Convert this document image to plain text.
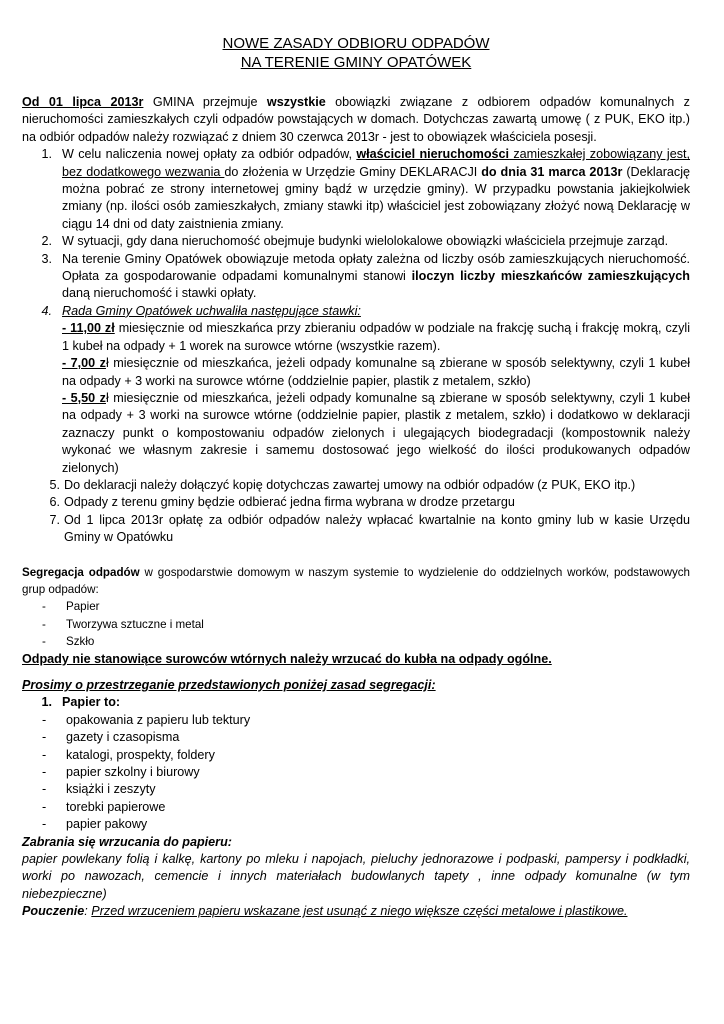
NOWE ZASADY ODBIORU ODPADÓW
NA TERENIE GMINY OPATÓWEK

Od 01 lipca 2013r GMINA przejmuje wszystkie obowiązki związane z odbiorem odpadów komunalnych z nieruchomości zamieszkałych czyli odpadów powstających w domach. Dotychczas zawartą umowę ( z PUK, EKO itp.) na odbiór odpadów należy rozwiązać z dniem 30 czerwca 2013r - jest to obowiązek właściciela posesji.

1. W celu naliczenia nowej opłaty za odbiór odpadów, właściciel nieruchomości zamieszkałej zobowiązany jest, bez dodatkowego wezwania do złożenia w Urzędzie Gminy DEKLARACJI do dnia 31 marca 2013r (Deklarację można pobrać ze strony internetowej gminy bądź w urzędzie gminy). W przypadku powstania jakiejkolwiek zmiany (np. ilości osób zamieszkałych, zmiany stawki itp) właściciel jest zobowiązany złożyć nową Deklarację w ciągu 14 dni od daty zaistnienia zmiany.
2. W sytuacji, gdy dana nieruchomość obejmuje budynki wielolokalowe obowiązki właściciela przejmuje zarząd.
3. Na terenie Gminy Opatówek obowiązuje metoda opłaty zależna od liczby osób zamieszkujących nieruchomość. Opłata za gospodarowanie odpadami komunalnymi stanowi iloczyn liczby mieszkańców zamieszkujących daną nieruchomość i stawki opłaty.
4. Rada Gminy Opatówek uchwaliła następujące stawki:
- 11,00 zł miesięcznie od mieszkańca przy zbieraniu odpadów w podziale na frakcję suchą i frakcję mokrą, czyli 1 kubeł na odpady + 1 worek na surowce wtórne (wszystkie razem).
- 7,00 zł miesięcznie od mieszkańca, jeżeli odpady komunalne są zbierane w sposób selektywny, czyli 1 kubeł na odpady + 3 worki na surowce wtórne (oddzielnie papier, plastik z metalem, szkło)
- 5,50 zł miesięcznie od mieszkańca, jeżeli odpady komunalne są zbierane w sposób selektywny, czyli 1 kubeł na odpady + 3 worki na surowce wtórne (oddzielnie papier, plastik z metalem, szkło) i dodatkowo w deklaracji zaznaczy punkt o kompostowaniu odpadów zielonych i ulegających biodegradacji (kompostownik należy wykonać we własnym zakresie i samemu dostosować jego wielkość do ilości produkowanych odpadów zielonych)
5. Do deklaracji należy dołączyć kopię dotychczas zawartej umowy na odbiór odpadów (z PUK, EKO itp.)
6. Odpady z terenu gminy będzie odbierać jedna firma wybrana w drodze przetargu
7. Od 1 lipca 2013r opłatę za odbiór odpadów należy wpłacać kwartalnie na konto gminy lub w kasie Urzędu Gminy w Opatówku

Segregacja odpadów w gospodarstwie domowym w naszym systemie to wydzielenie do oddzielnych worków, podstawowych grup odpadów:

-	Papier
-	Tworzywa sztuczne i metal
-	Szkło

Odpady nie stanowiące surowców wtórnych należy wrzucać do kubła na odpady ogólne.

Prosimy o przestrzeganie przedstawionych poniżej zasad segregacji:

1. Papier to:
-	opakowania z papieru lub tektury
-	gazety i czasopisma
-	katalogi, prospekty, foldery
-	papier szkolny i biurowy
-	książki i zeszyty
-	torebki papierowe
-	papier pakowy

Zabrania się wrzucania do papieru:

papier powlekany folią i kalkę, kartony po mleku i napojach, pieluchy jednorazowe i podpaski, pampersy i podkładki, worki po nawozach, cemencie i innych materiałach budowlanych tapety , inne odpady komunalne (w tym niebezpieczne)

Pouczenie: Przed wrzuceniem papieru wskazane jest usunąć z niego większe części metalowe i plastikowe.
